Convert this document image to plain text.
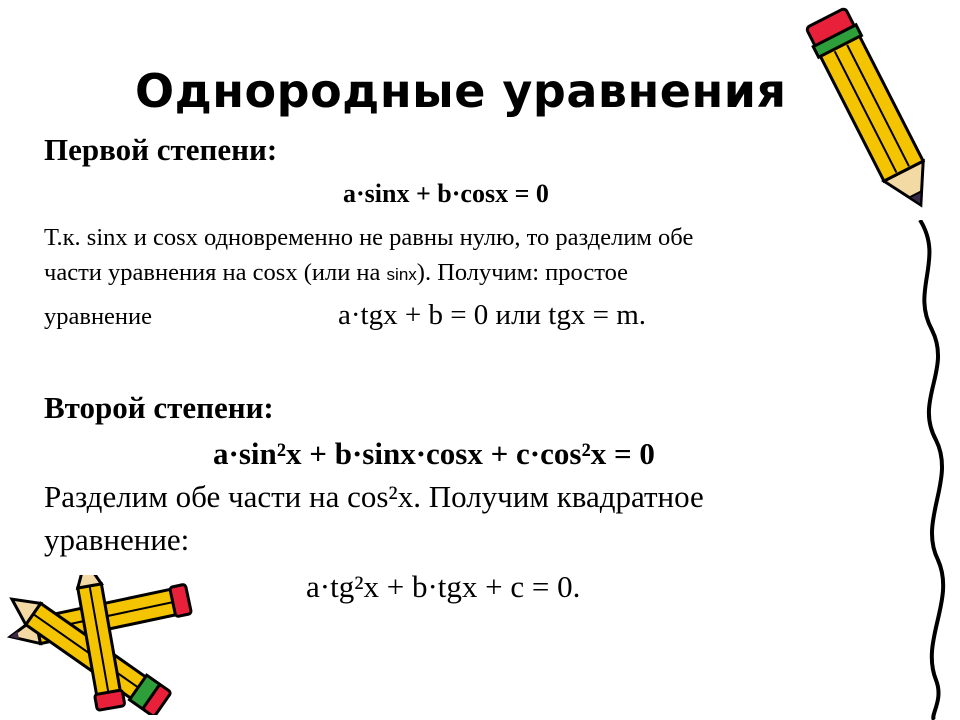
Однородные уравнения
Первой степени:
a·sinx + b·cosx = 0
Т.к. sinx и cosx одновременно не равны нулю, то разделим обе
части уравнения на cosx (или на sinx). Получим: простое
уравнение	a·tgx + b = 0 или tgx = m.
Второй степени:
a·sin²x + b·sinx·cosx + c·cos²x = 0
Разделим обе части на cos²x. Получим квадратное
уравнение:
a·tg²x + b·tgx + c = 0.
